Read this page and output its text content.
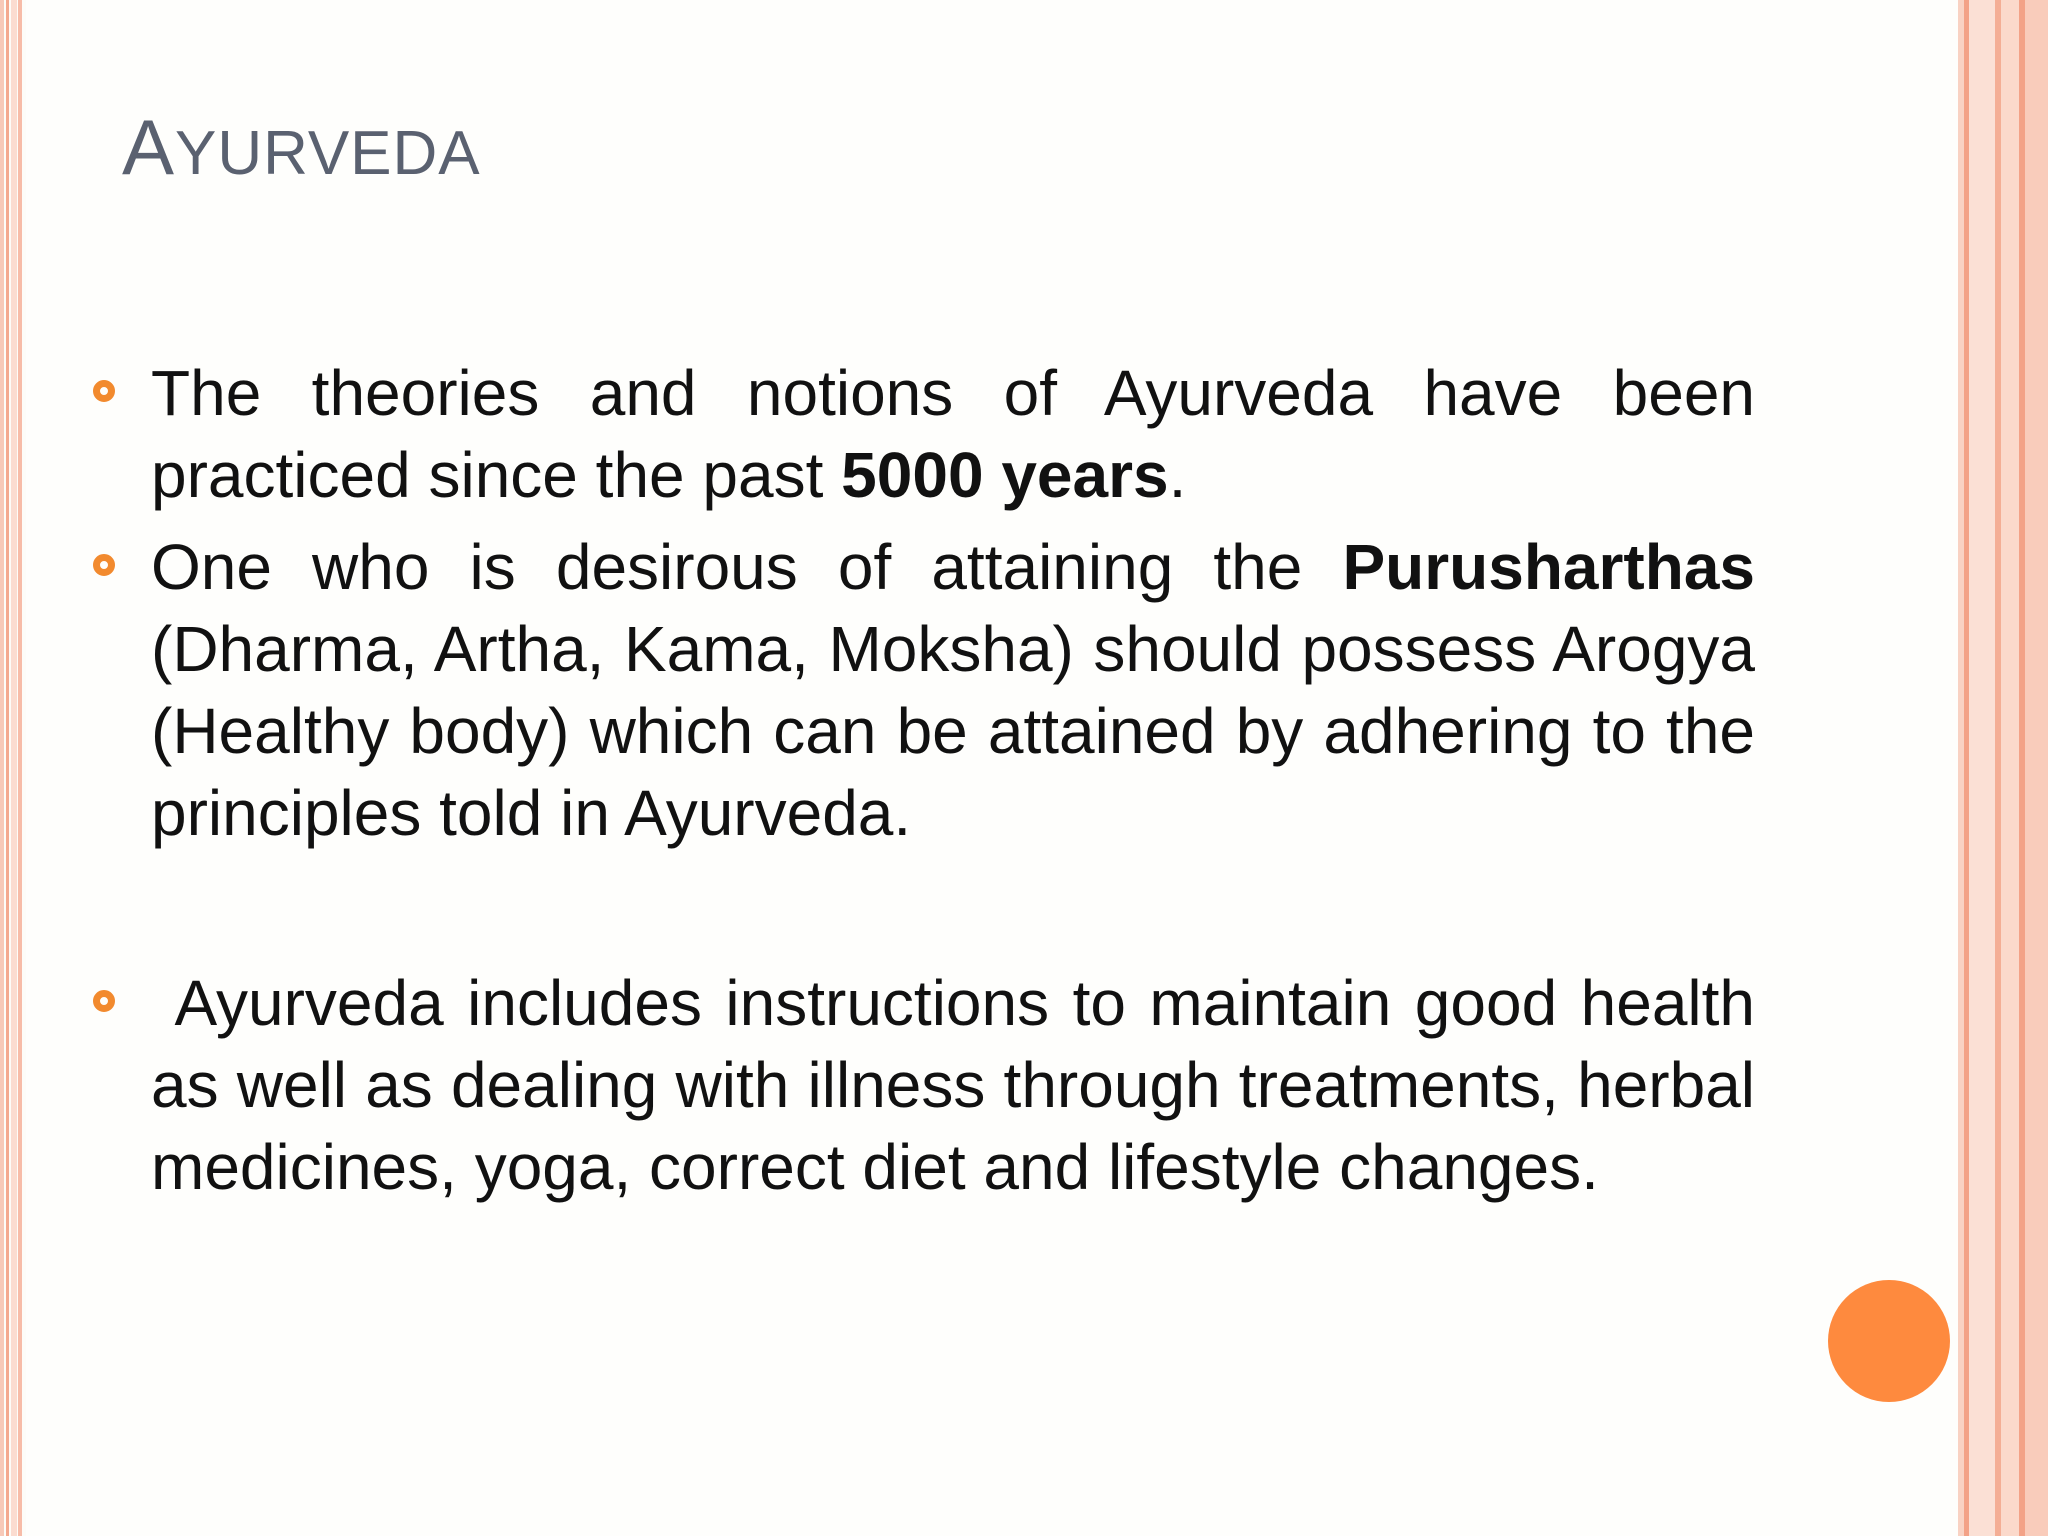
AYURVEDA
The theories and notions of Ayurveda have been practiced since the past 5000 years.
One who is desirous of attaining the Purusharthas (Dharma, Artha, Kama, Moksha) should possess Arogya (Healthy body) which can be attained by adhering to the principles told in Ayurveda.
Ayurveda includes instructions to maintain good health as well as dealing with illness through treatments, herbal medicines, yoga, correct diet and lifestyle changes.
